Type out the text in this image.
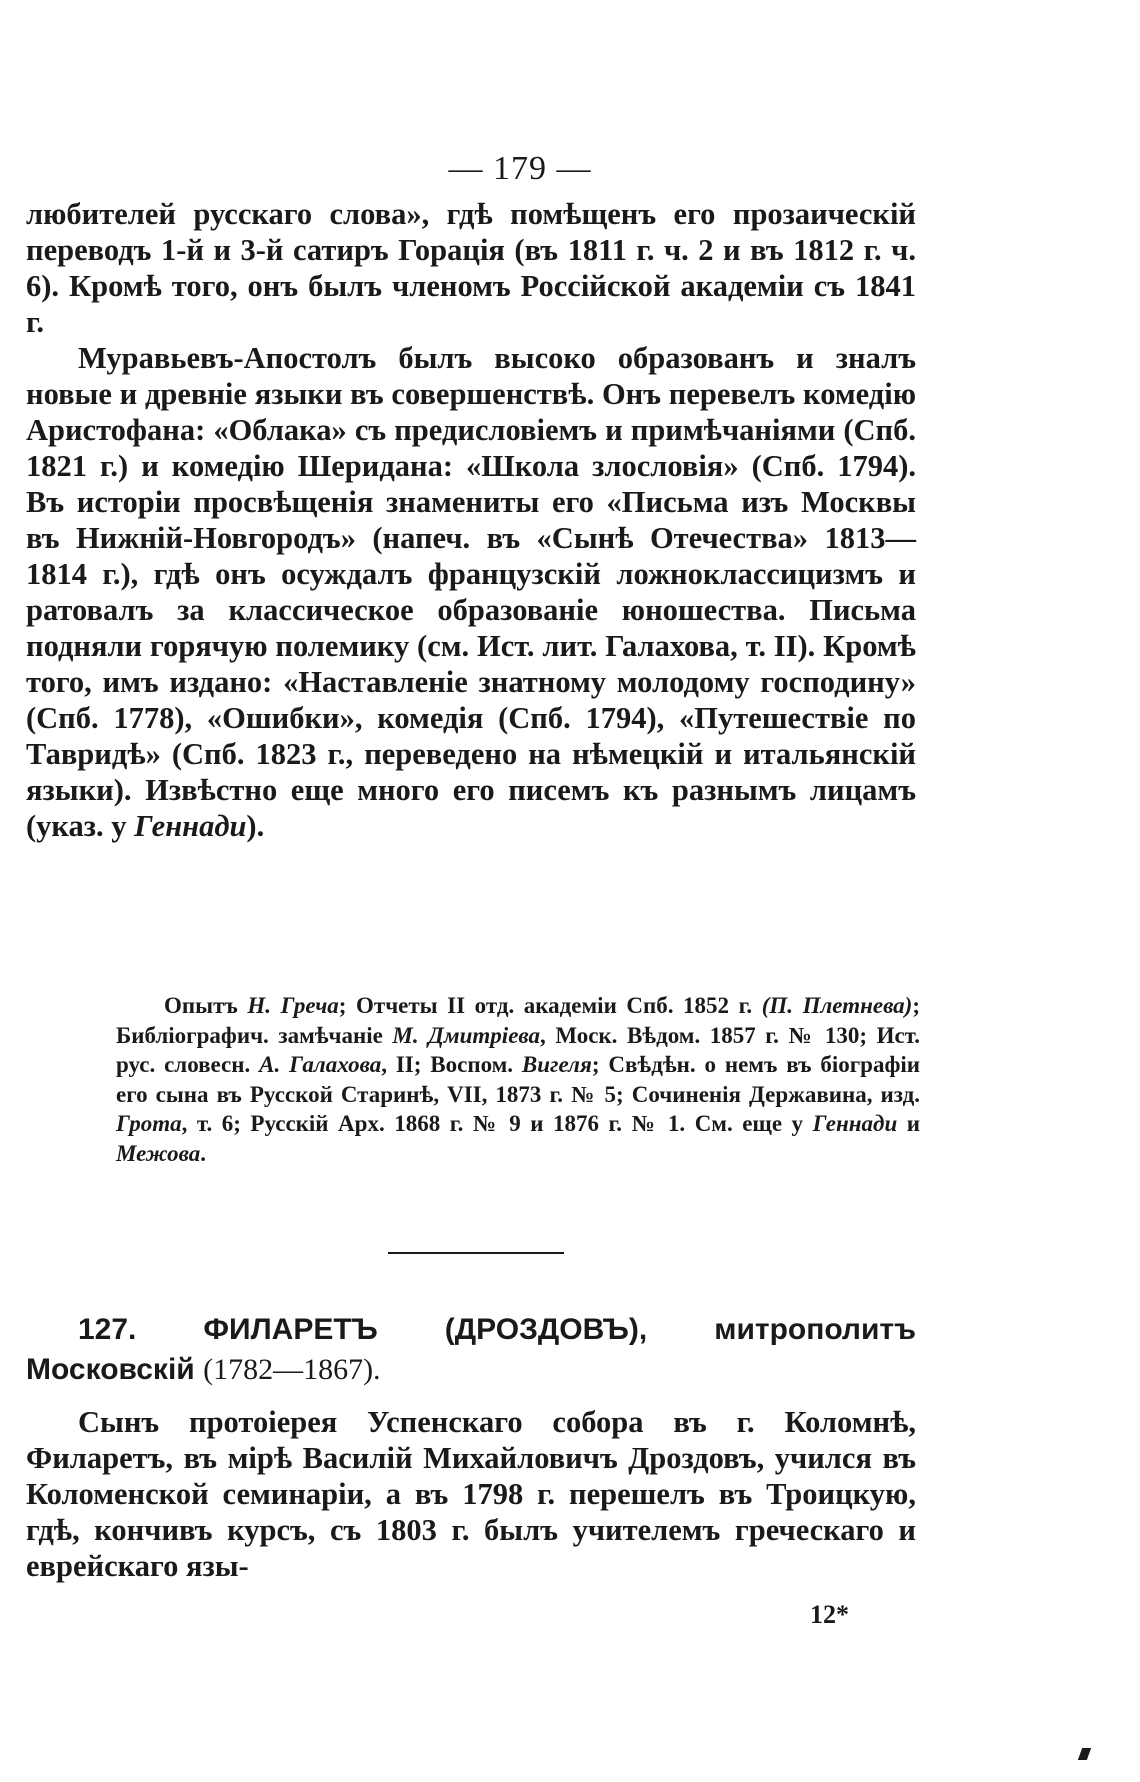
— 179 —

любителей русскаго слова», гдѣ помѣщенъ его прозаическій переводъ 1-й и 3-й сатиръ Горація (въ 1811 г. ч. 2 и въ 1812 г. ч. 6). Кромѣ того, онъ былъ членомъ Россійской академіи съ 1841 г.

Муравьевъ-Апостолъ былъ высоко образованъ и зналъ новые и древніе языки въ совершенствѣ. Онъ перевелъ комедію Аристофана: «Облака» съ предисловіемъ и примѣчаніями (Спб. 1821 г.) и комедію Шеридана: «Школа злословія» (Спб. 1794). Въ исторіи просвѣщенія знамениты его «Письма изъ Москвы въ Нижній-Новгородъ» (напеч. въ «Сынѣ Отечества» 1813—1814 г.), гдѣ онъ осуждалъ французскій ложноклассицизмъ и ратовалъ за классическое образованіе юношества. Письма подняли горячую полемику (см. Ист. лит. Галахова, т. II). Кромѣ того, имъ издано: «Наставленіе знатному молодому господину» (Спб. 1778), «Ошибки», комедія (Спб. 1794), «Путешествіе по Тавридѣ» (Спб. 1823 г., переведено на нѣмецкій и итальянскій языки). Извѣстно еще много его писемъ къ разнымъ лицамъ (указ. у Геннади).

Опытъ Н. Греча; Отчеты II отд. академіи Спб. 1852 г. (П. Плетнева); Библіографич. замѣчаніе М. Дмитріева, Моск. Вѣдом. 1857 г. № 130; Ист. рус. словесн. А. Галахова, II; Воспом. Вигеля; Свѣдѣн. о немъ въ біографіи его сына въ Русской Старинѣ, VII, 1873 г. № 5; Сочиненія Державина, изд. Грота, т. 6; Русскій Арх. 1868 г. № 9 и 1876 г. № 1. См. еще у Геннади и Межова.

127. ФИЛАРЕТЪ (ДРОЗДОВЪ), митрополитъ Московскій (1782—1867).

Сынъ протоіерея Успенскаго собора въ г. Коломнѣ, Филаретъ, въ мірѣ Василій Михайловичъ Дроздовъ, учился въ Коломенской семинаріи, а въ 1798 г. перешелъ въ Троицкую, гдѣ, кончивъ курсъ, съ 1803 г. былъ учителемъ греческаго и еврейскаго язы-

12*
